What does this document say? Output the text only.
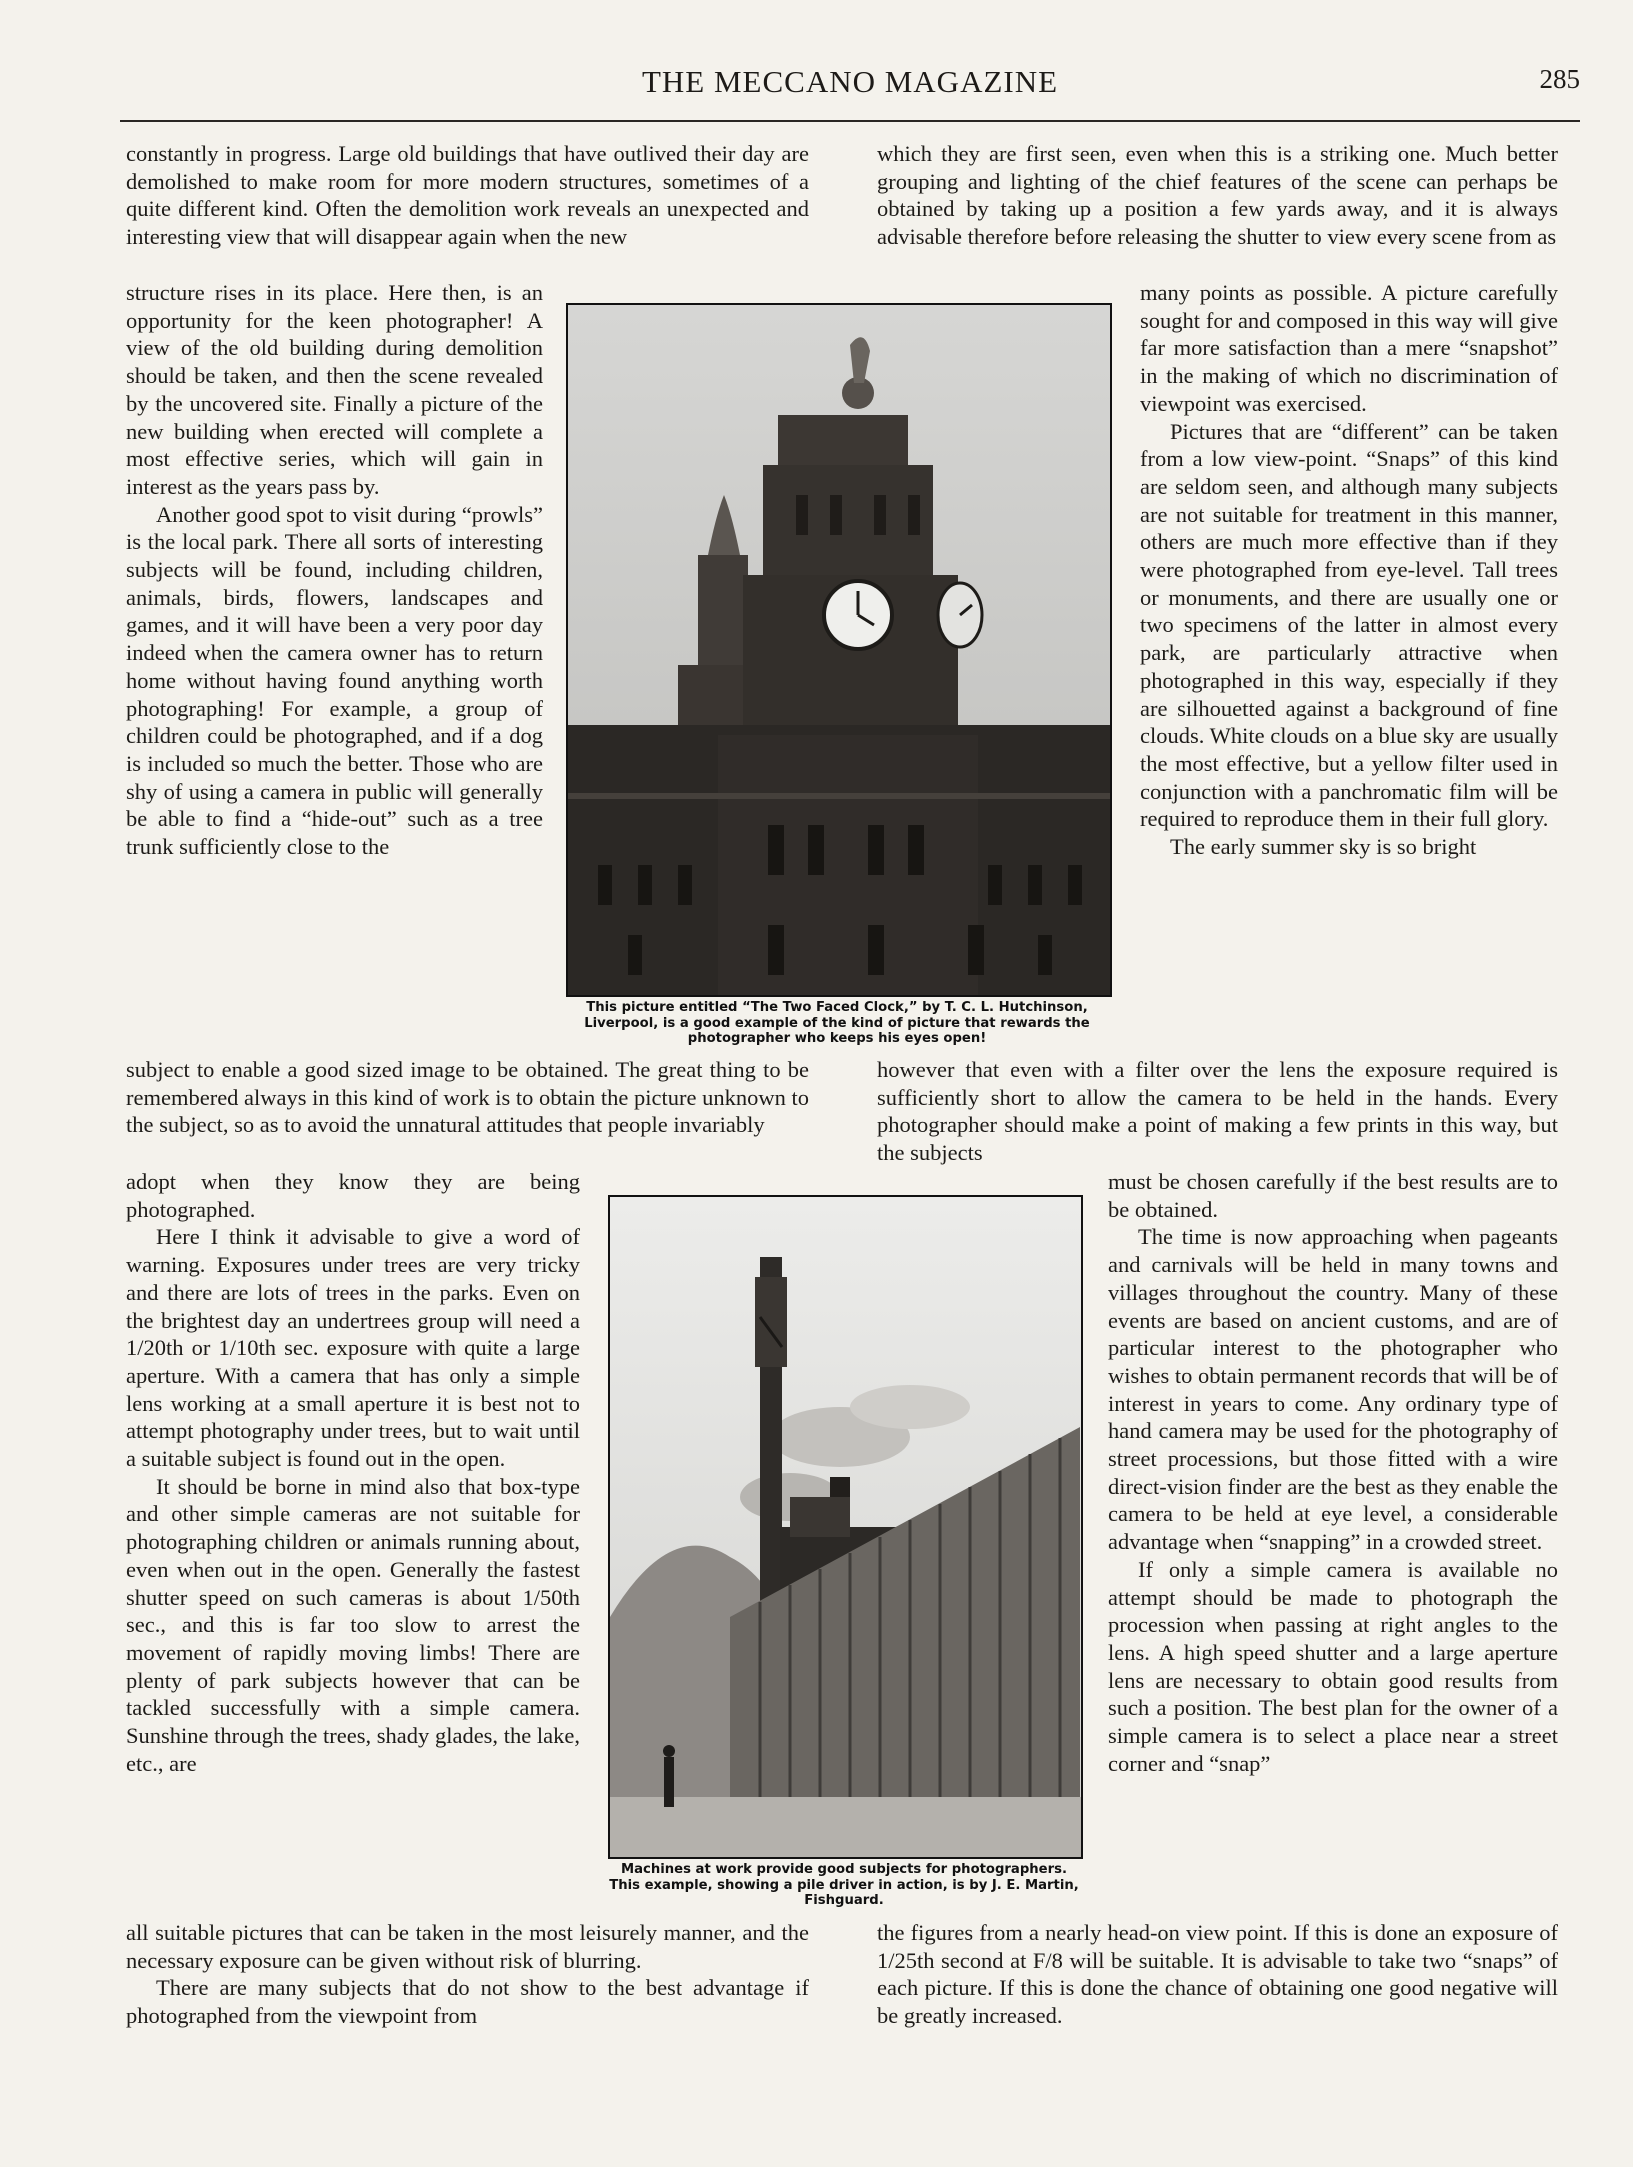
THE MECCANO MAGAZINE	285

constantly in progress. Large old buildings that have outlived their day are demolished to make room for more modern structures, sometimes of a quite different kind. Often the demolition work reveals an unexpected and interesting view that will disappear again when the new

structure rises in its place. Here then, is an opportunity for the keen photographer! A view of the old building during demolition should be taken, and then the scene revealed by the uncovered site. Finally a picture of the new building when erected will complete a most effective series, which will gain in interest as the years pass by.

Another good spot to visit during “prowls” is the local park. There all sorts of interesting subjects will be found, including children, animals, birds, flowers, landscapes and games, and it will have been a very poor day indeed when the camera owner has to return home without having found anything worth photographing! For example, a group of children could be photographed, and if a dog is included so much the better. Those who are shy of using a camera in public will generally be able to find a “hide-out” such as a tree trunk sufficiently close to the

subject to enable a good sized image to be obtained. The great thing to be remembered always in this kind of work is to obtain the picture unknown to the subject, so as to avoid the unnatural attitudes that people invariably

adopt when they know they are being photographed.

Here I think it advisable to give a word of warning. Exposures under trees are very tricky and there are lots of trees in the parks. Even on the brightest day an undertrees group will need a 1/20th or 1/10th sec. exposure with quite a large aperture. With a camera that has only a simple lens working at a small aperture it is best not to attempt photography under trees, but to wait until a suitable subject is found out in the open.

It should be borne in mind also that box-type and other simple cameras are not suitable for photographing children or animals running about, even when out in the open. Generally the fastest shutter speed on such cameras is about 1/50th sec., and this is far too slow to arrest the movement of rapidly moving limbs! There are plenty of park subjects however that can be tackled successfully with a simple camera. Sunshine through the trees, shady glades, the lake, etc., are

all suitable pictures that can be taken in the most leisurely manner, and the necessary exposure can be given without risk of blurring.

There are many subjects that do not show to the best advantage if photographed from the viewpoint from

which they are first seen, even when this is a striking one. Much better grouping and lighting of the chief features of the scene can perhaps be obtained by taking up a position a few yards away, and it is always advisable therefore before releasing the shutter to view every scene from as

many points as possible. A picture carefully sought for and composed in this way will give far more satisfaction than a mere “snapshot” in the making of which no discrimination of viewpoint was exercised.

Pictures that are “different” can be taken from a low view-point. “Snaps” of this kind are seldom seen, and although many subjects are not suitable for treatment in this manner, others are much more effective than if they were photographed from eye-level. Tall trees or monuments, and there are usually one or two specimens of the latter in almost every park, are particularly attractive when photographed in this way, especially if they are silhouetted against a background of fine clouds. White clouds on a blue sky are usually the most effective, but a yellow filter used in conjunction with a panchromatic film will be required to reproduce them in their full glory.

The early summer sky is so bright

however that even with a filter over the lens the exposure required is sufficiently short to allow the camera to be held in the hands. Every photographer should make a point of making a few prints in this way, but the subjects

must be chosen carefully if the best results are to be obtained.

The time is now approaching when pageants and carnivals will be held in many towns and villages throughout the country. Many of these events are based on ancient customs, and are of particular interest to the photographer who wishes to obtain permanent records that will be of interest in years to come. Any ordinary type of hand camera may be used for the photography of street processions, but those fitted with a wire direct-vision finder are the best as they enable the camera to be held at eye level, a considerable advantage when “snapping” in a crowded street.

If only a simple camera is available no attempt should be made to photograph the procession when passing at right angles to the lens. A high speed shutter and a large aperture lens are necessary to obtain good results from such a position. The best plan for the owner of a simple camera is to select a place near a street corner and “snap”

the figures from a nearly head-on view point. If this is done an exposure of 1/25th second at F/8 will be suitable. It is advisable to take two “snaps” of each picture. If this is done the chance of obtaining one good negative will be greatly increased.

This picture entitled “The Two Faced Clock,” by T. C. L. Hutchinson, Liverpool, is a good example of the kind of picture that rewards the photographer who keeps his eyes open!
Machines at work provide good subjects for photographers. This example, showing a pile driver in action, is by J. E. Martin, Fishguard.
